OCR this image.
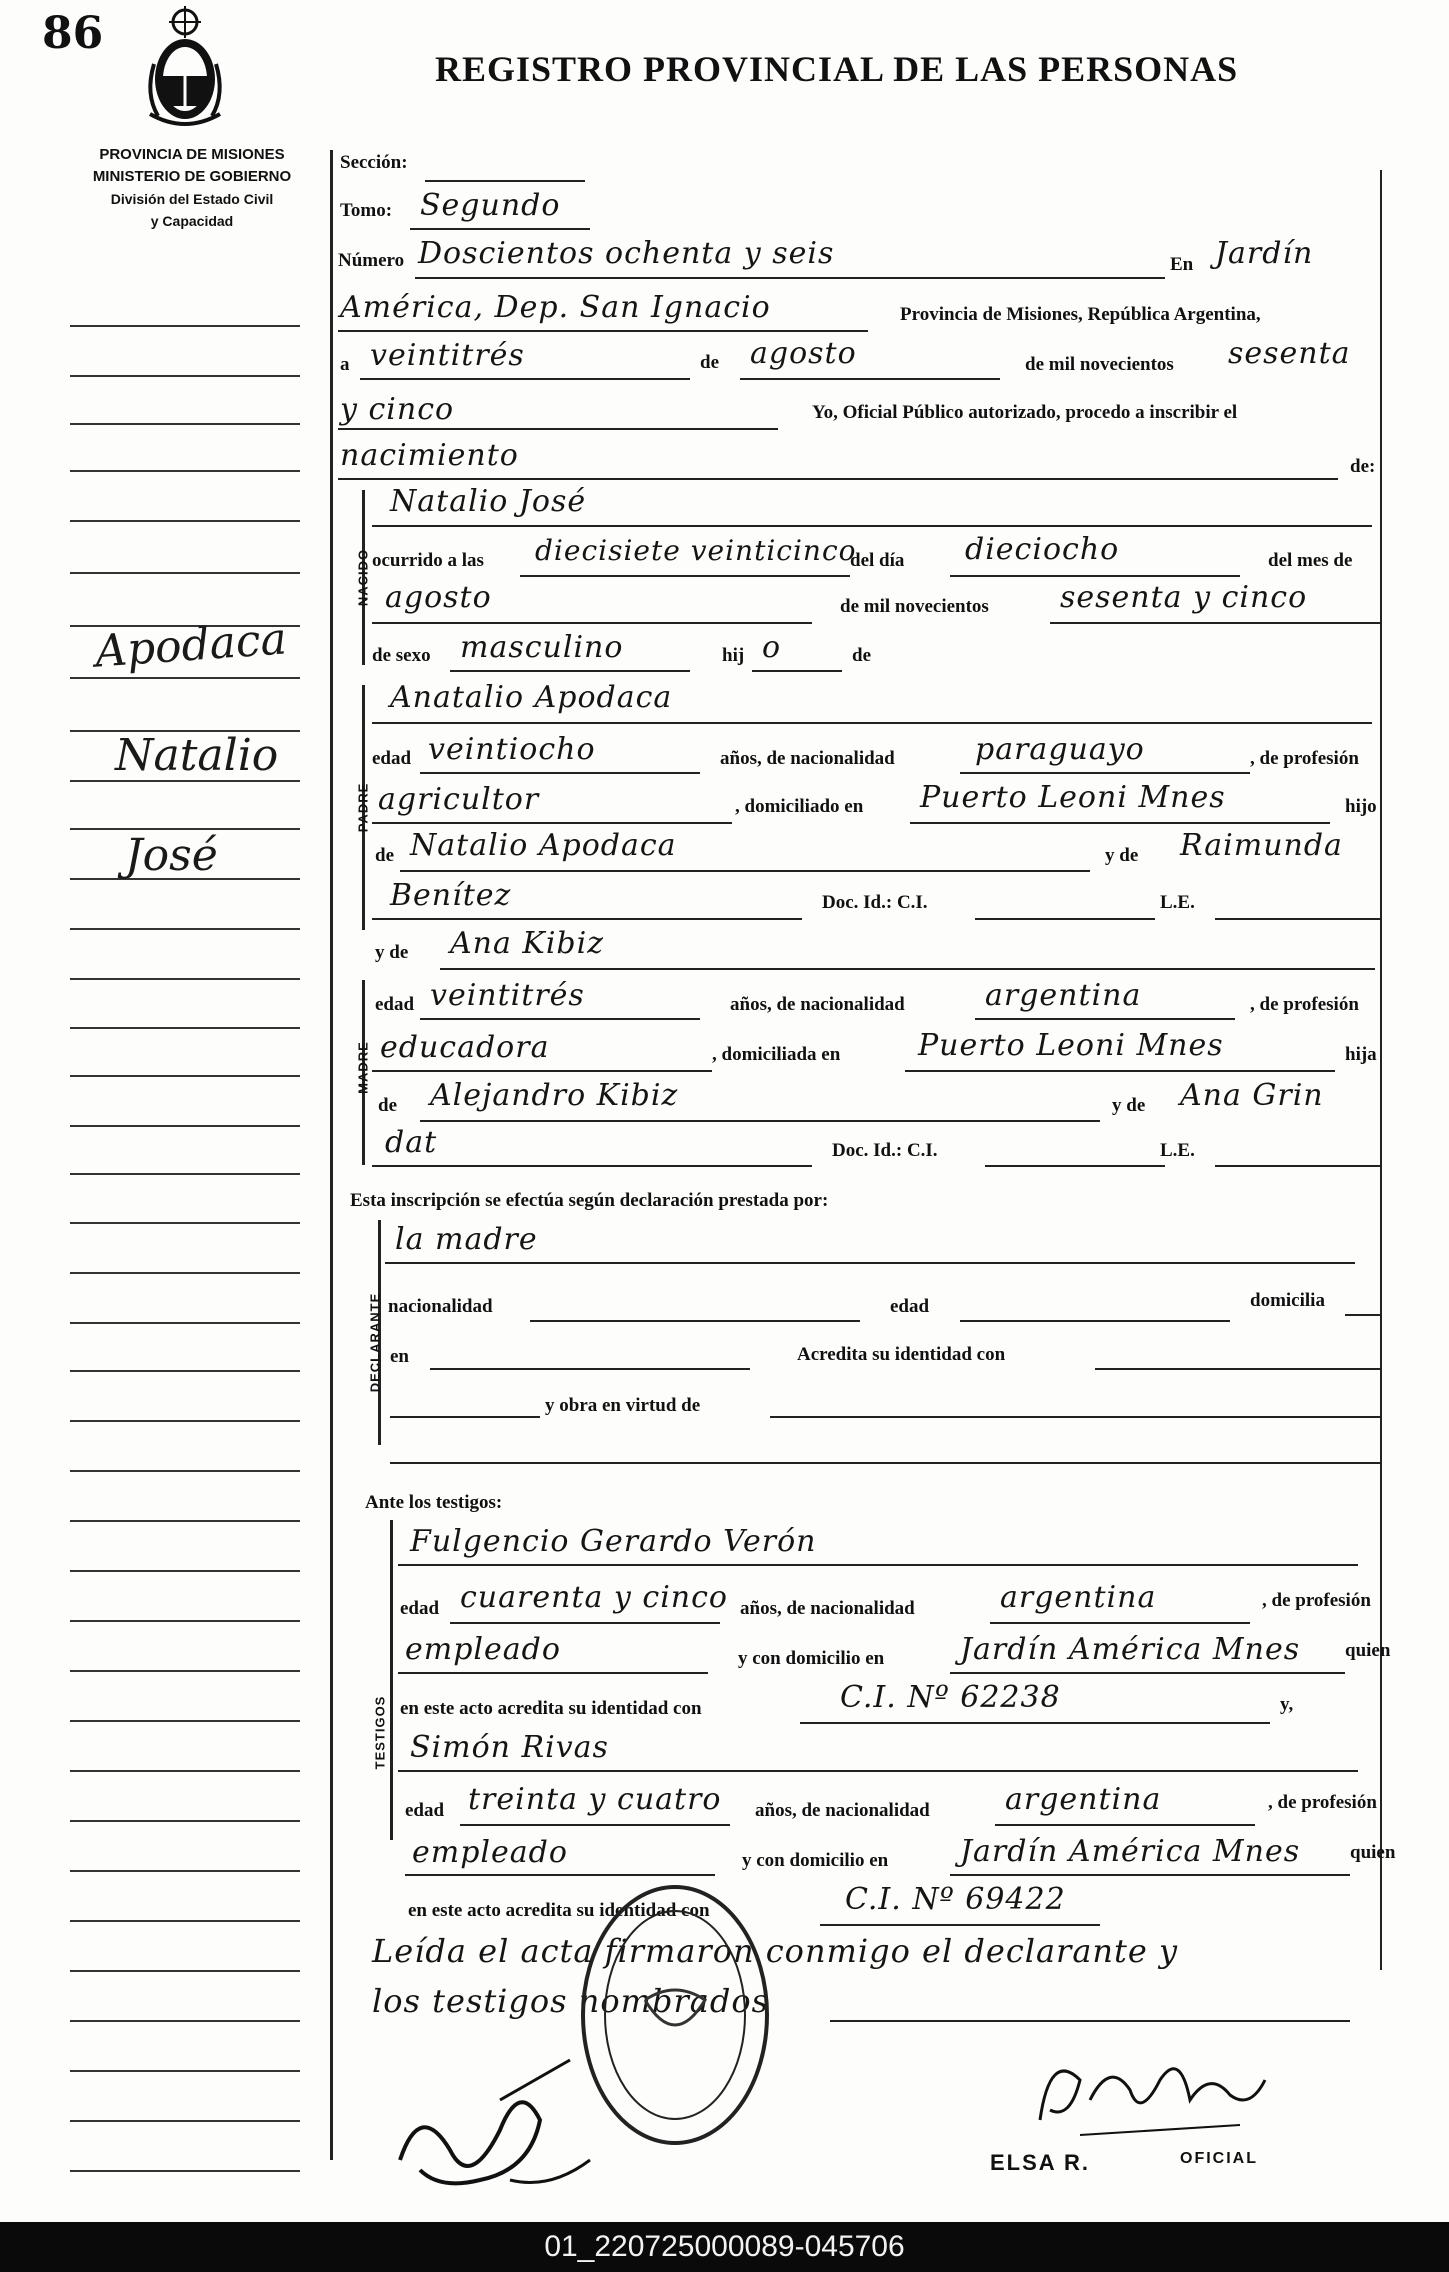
86
REGISTRO PROVINCIAL DE LAS PERSONAS
PROVINCIA DE MISIONES
MINISTERIO DE GOBIERNO
División del Estado Civil
y Capacidad
Apodaca
Natalio
José
Sección:
Tomo: Segundo
Número Doscientos ochenta y seis	En Jardín
América, Dep. San Ignacio	Provincia de Misiones, República Argentina,
a veintitrés	de agosto	de mil novecientos sesenta
y cinco	Yo, Oficial Público autorizado, procedo a inscribir el
nacimiento	de:
NACIDO
Natalio José
ocurrido a las diecisiete veinticinco
del día dieciocho	del mes de
agosto	de mil novecientos sesenta y cinco
de sexo masculino	hij o	de
PADRE
Anatalio Apodaca
edad veintiocho	años, de nacionalidad	paraguayo	, de profesión
agricultor	, domiciliado en Puerto Leoni Mnes	hijo
de Natalio Apodaca	y de Raimunda
Benítez	Doc. Id.: C.I.	L.E.
MADRE
y de Ana Kibiz
edad veintitrés	años, de nacionalidad	argentina	, de profesión
educadora	, domiciliada en	Puerto Leoni Mnes	hija
de Alejandro Kibiz	y de Ana Grin
dat	Doc. Id.: C.I.	L.E.
Esta inscripción se efectúa según declaración prestada por:
DECLARANTE
la madre
nacionalidad	edad	domicilia
en	Acredita su identidad con
y obra en virtud de
Ante los testigos:
TESTIGOS
Fulgencio Gerardo Verón
edad cuarenta y cinco años, de nacionalidad	argentina	, de profesión
empleado	y con domicilio en	Jardín América Mnes quien
en este acto acredita su identidad con	C.I. Nº 62238	y,
Simón Rivas
edad treinta y cuatro años, de nacionalidad	argentina	, de profesión
empleado	y con domicilio en Jardín América Mnes	quien
en este acto acredita su identidad con	C.I. Nº 69422
Leída el acta firmaron conmigo el declarante y
los testigos nombrados
ELSA R.	OFICIAL
01_220725000089-045706
